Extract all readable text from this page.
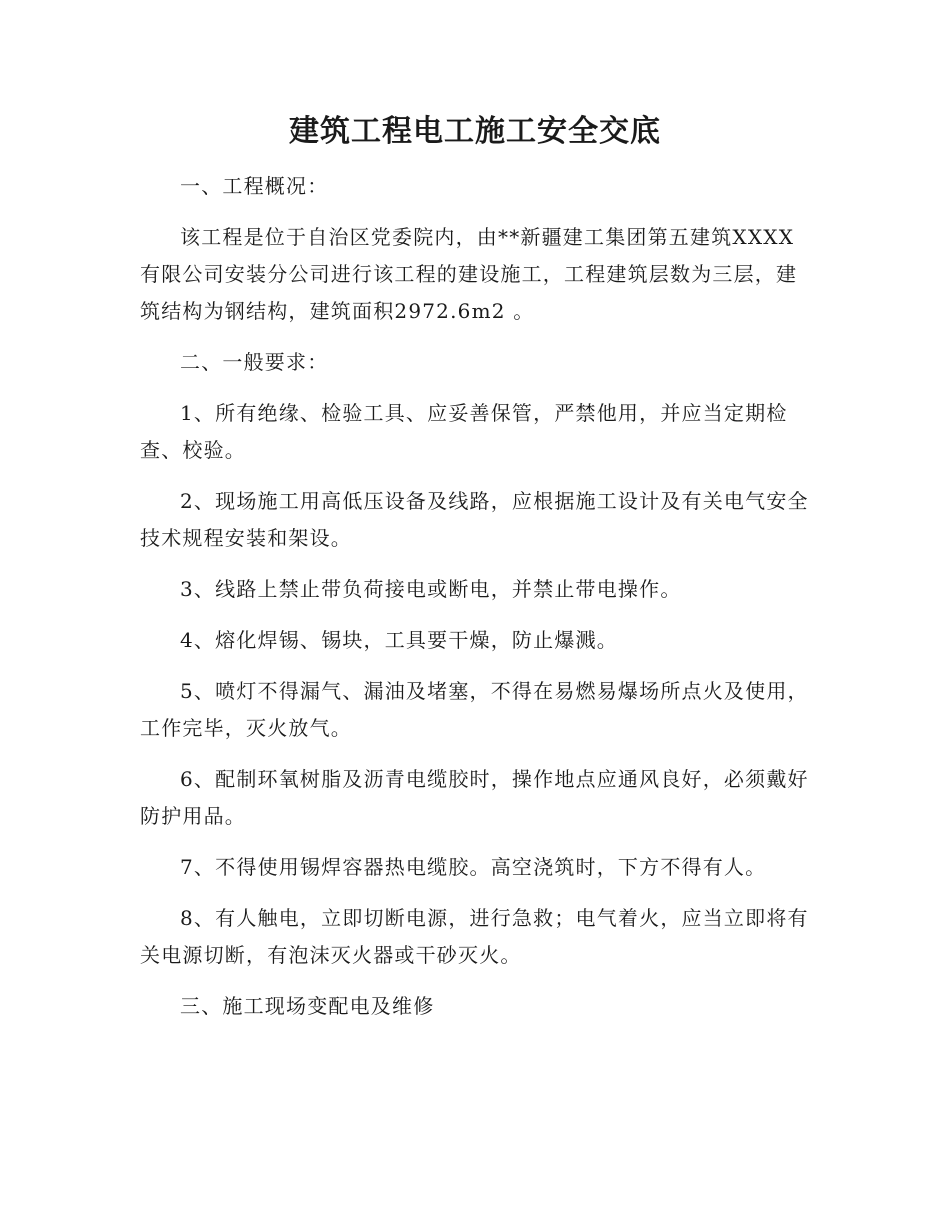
建筑工程电工施工安全交底

一、工程概况：

该工程是位于自治区党委院内，由**新疆建工集团第五建筑XXXX有限公司安装分公司进行该工程的建设施工，工程建筑层数为三层，建筑结构为钢结构，建筑面积2972.6m2 。

二、一般要求：

1、所有绝缘、检验工具、应妥善保管，严禁他用，并应当定期检查、校验。

2、现场施工用高低压设备及线路，应根据施工设计及有关电气安全技术规程安装和架设。

3、线路上禁止带负荷接电或断电，并禁止带电操作。

4、熔化焊锡、锡块，工具要干燥，防止爆溅。

5、喷灯不得漏气、漏油及堵塞，不得在易燃易爆场所点火及使用，工作完毕，灭火放气。

6、配制环氧树脂及沥青电缆胶时，操作地点应通风良好，必须戴好防护用品。

7、不得使用锡焊容器热电缆胶。高空浇筑时，下方不得有人。

8、有人触电，立即切断电源，进行急救；电气着火，应当立即将有关电源切断，有泡沫灭火器或干砂灭火。

三、施工现场变配电及维修
